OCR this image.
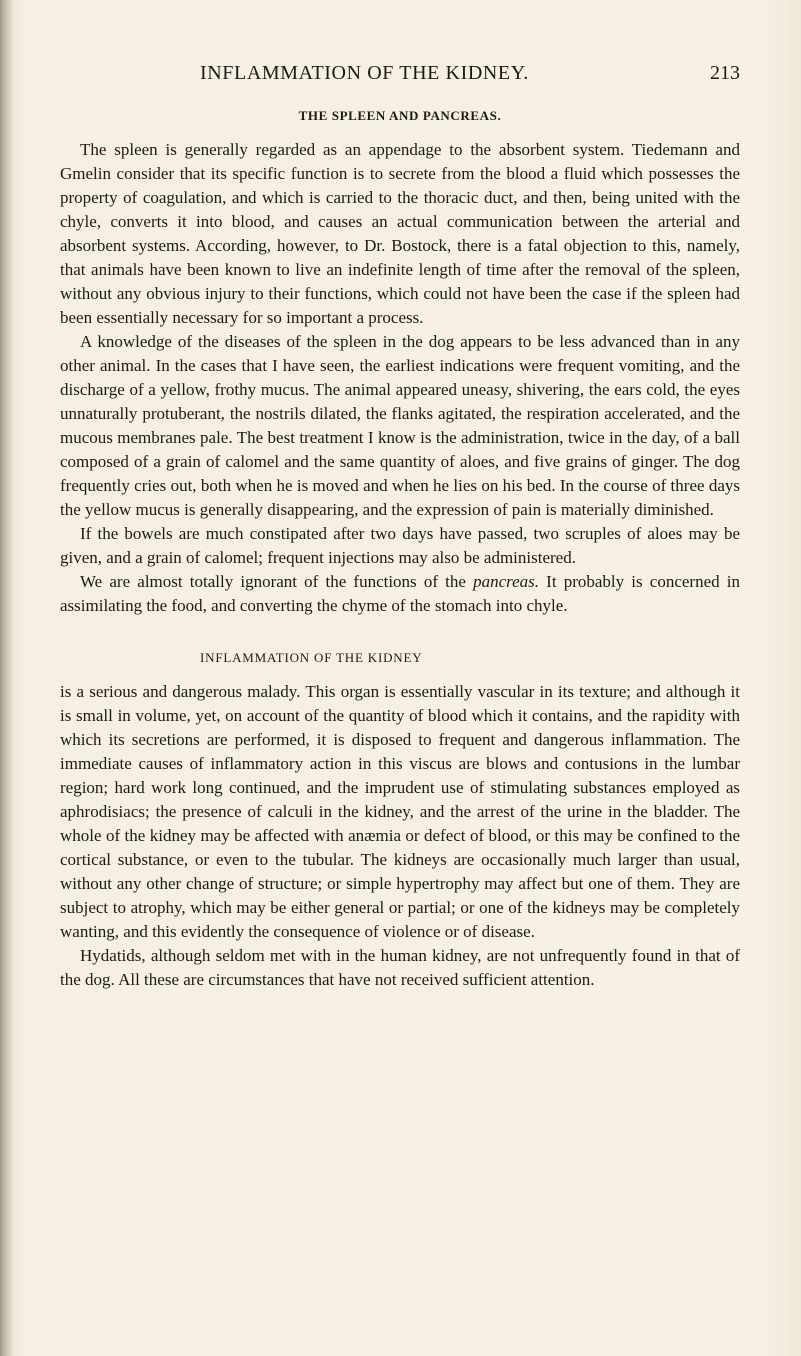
INFLAMMATION OF THE KIDNEY.	213
THE SPLEEN AND PANCREAS.

The spleen is generally regarded as an appendage to the absorbent system. Tiedemann and Gmelin consider that its specific function is to secrete from the blood a fluid which possesses the property of coagulation, and which is carried to the thoracic duct, and then, being united with the chyle, converts it into blood, and causes an actual communication between the arterial and absorbent systems. According, however, to Dr. Bostock, there is a fatal objection to this, namely, that animals have been known to live an indefinite length of time after the removal of the spleen, without any obvious injury to their functions, which could not have been the case if the spleen had been essentially necessary for so important a process.

A knowledge of the diseases of the spleen in the dog appears to be less advanced than in any other animal. In the cases that I have seen, the earliest indications were frequent vomiting, and the discharge of a yellow, frothy mucus. The animal appeared uneasy, shivering, the ears cold, the eyes unnaturally protuberant, the nostrils dilated, the flanks agitated, the respiration accelerated, and the mucous membranes pale. The best treatment I know is the administration, twice in the day, of a ball composed of a grain of calomel and the same quantity of aloes, and five grains of ginger. The dog frequently cries out, both when he is moved and when he lies on his bed. In the course of three days the yellow mucus is generally disappearing, and the expression of pain is materially diminished.

If the bowels are much constipated after two days have passed, two scruples of aloes may be given, and a grain of calomel; frequent injections may also be administered.

We are almost totally ignorant of the functions of the pancreas. It probably is concerned in assimilating the food, and converting the chyme of the stomach into chyle.

INFLAMMATION OF THE KIDNEY

is a serious and dangerous malady. This organ is essentially vascular in its texture; and although it is small in volume, yet, on account of the quantity of blood which it contains, and the rapidity with which its secretions are performed, it is disposed to frequent and dangerous inflammation. The immediate causes of inflammatory action in this viscus are blows and contusions in the lumbar region; hard work long continued, and the imprudent use of stimulating substances employed as aphrodisiacs; the presence of calculi in the kidney, and the arrest of the urine in the bladder. The whole of the kidney may be affected with anæmia or defect of blood, or this may be confined to the cortical substance, or even to the tubular. The kidneys are occasionally much larger than usual, without any other change of structure; or simple hypertrophy may affect but one of them. They are subject to atrophy, which may be either general or partial; or one of the kidneys may be completely wanting, and this evidently the consequence of violence or of disease.

Hydatids, although seldom met with in the human kidney, are not unfrequently found in that of the dog. All these are circumstances that have not received sufficient attention.
